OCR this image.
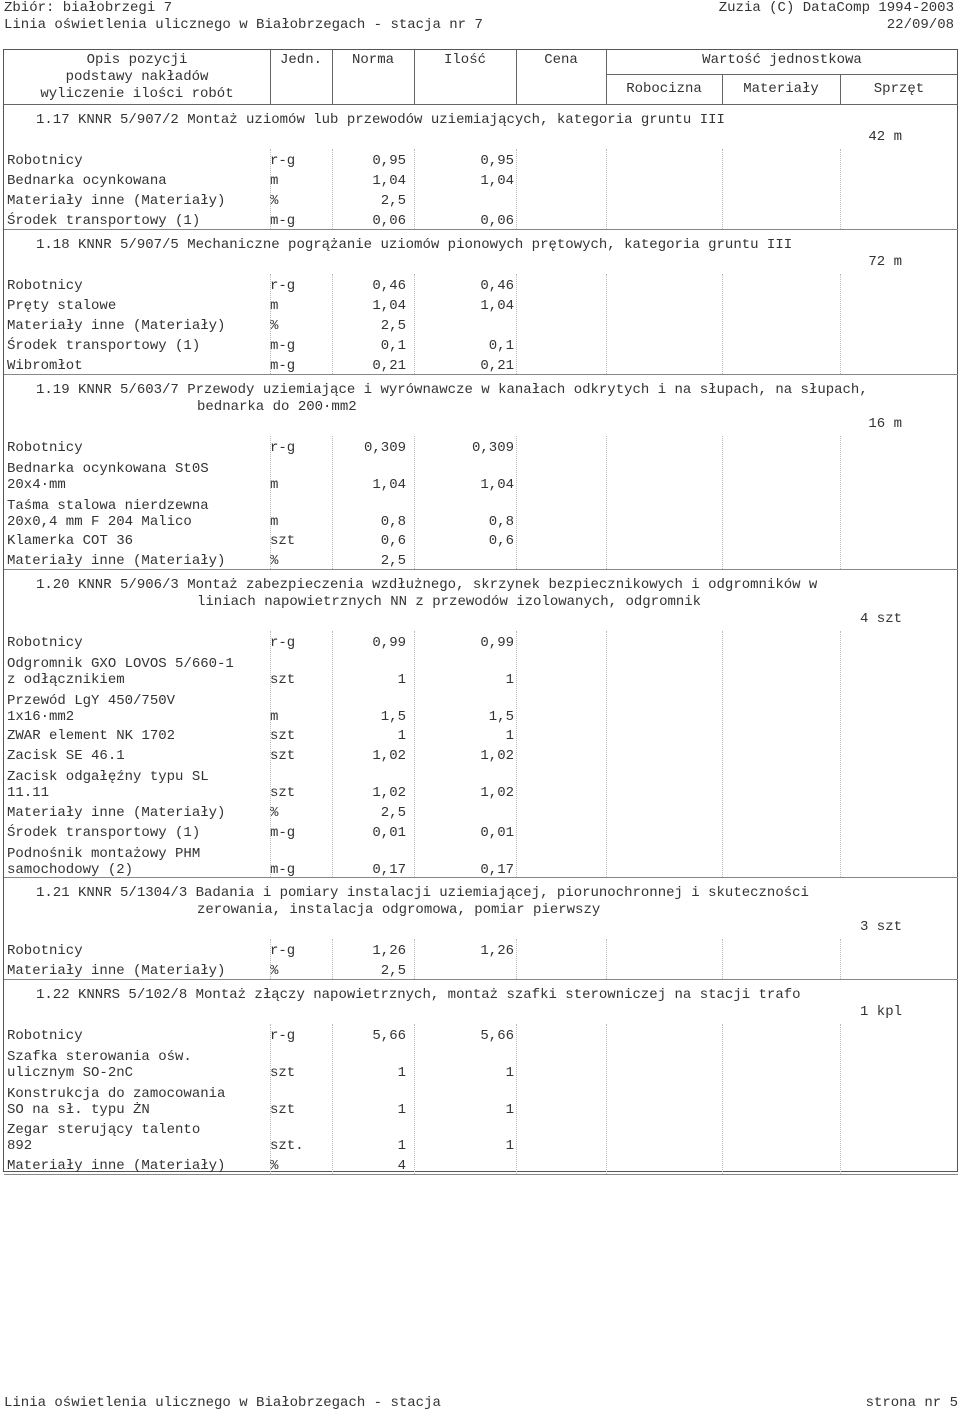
Zbiór: białobrzegi 7
Linia oświetlenia ulicznego w Białobrzegach - stacja nr 7
Zuzia (C) DataComp 1994-2003
22/09/08
Opis pozycji
podstawy nakładów
wyliczenie ilości robót
Jedn.	Norma	Ilość	Cena	Wartość jednostkowa
Robocizna	Materiały	Sprzęt
1.17 KNNR 5/907/2 Montaż uziomów lub przewodów uziemiających, kategoria gruntu III
42 m
Robotnicy	r-g	0,95	0,95
Bednarka ocynkowana	m	1,04	1,04
Materiały inne (Materiały)	%	2,5
Środek transportowy (1)	m-g	0,06	0,06
1.18 KNNR 5/907/5 Mechaniczne pogrążanie uziomów pionowych prętowych, kategoria gruntu III
72 m
Robotnicy	r-g	0,46	0,46
Pręty stalowe	m	1,04	1,04
Materiały inne (Materiały)	%	2,5
Środek transportowy (1)	m-g	0,1	0,1
Wibromłot	m-g	0,21	0,21
1.19 KNNR 5/603/7 Przewody uziemiające i wyrównawcze w kanałach odkrytych i na słupach, na słupach,
bednarka do 200·mm2
16 m
Robotnicy	r-g	0,309	0,309
Bednarka ocynkowana St0S
20x4·mm	m	1,04	1,04
Taśma stalowa nierdzewna
20x0,4 mm F 204 Malico	m	0,8	0,8
Klamerka COT 36	szt	0,6	0,6
Materiały inne (Materiały)	%	2,5
1.20 KNNR 5/906/3 Montaż zabezpieczenia wzdłużnego, skrzynek bezpiecznikowych i odgromników w
liniach napowietrznych NN z przewodów izolowanych, odgromnik
4 szt
Robotnicy	r-g	0,99	0,99
Odgromnik GXO LOVOS 5/660-1
z odłącznikiem	szt	1	1
Przewód LgY 450/750V
1x16·mm2	m	1,5	1,5
ZWAR element NK 1702	szt	1	1
Zacisk SE 46.1	szt	1,02	1,02
Zacisk odgałęźny typu SL
11.11	szt	1,02	1,02
Materiały inne (Materiały)	%	2,5
Środek transportowy (1)	m-g	0,01	0,01
Podnośnik montażowy PHM
samochodowy (2)	m-g	0,17	0,17
1.21 KNNR 5/1304/3 Badania i pomiary instalacji uziemiającej, piorunochronnej i skuteczności
zerowania, instalacja odgromowa, pomiar pierwszy
3 szt
Robotnicy	r-g	1,26	1,26
Materiały inne (Materiały)	%	2,5
1.22 KNNRS 5/102/8 Montaż złączy napowietrznych, montaż szafki sterowniczej na stacji trafo
1 kpl
Robotnicy	r-g	5,66	5,66
Szafka sterowania ośw.
ulicznym SO-2nC	szt	1	1
Konstrukcja do zamocowania
SO na sł. typu ŻN	szt	1	1
Zegar sterujący talento
892	szt.	1	1
Materiały inne (Materiały)	%	4
Linia oświetlenia ulicznego w Białobrzegach - stacja	strona nr 5
